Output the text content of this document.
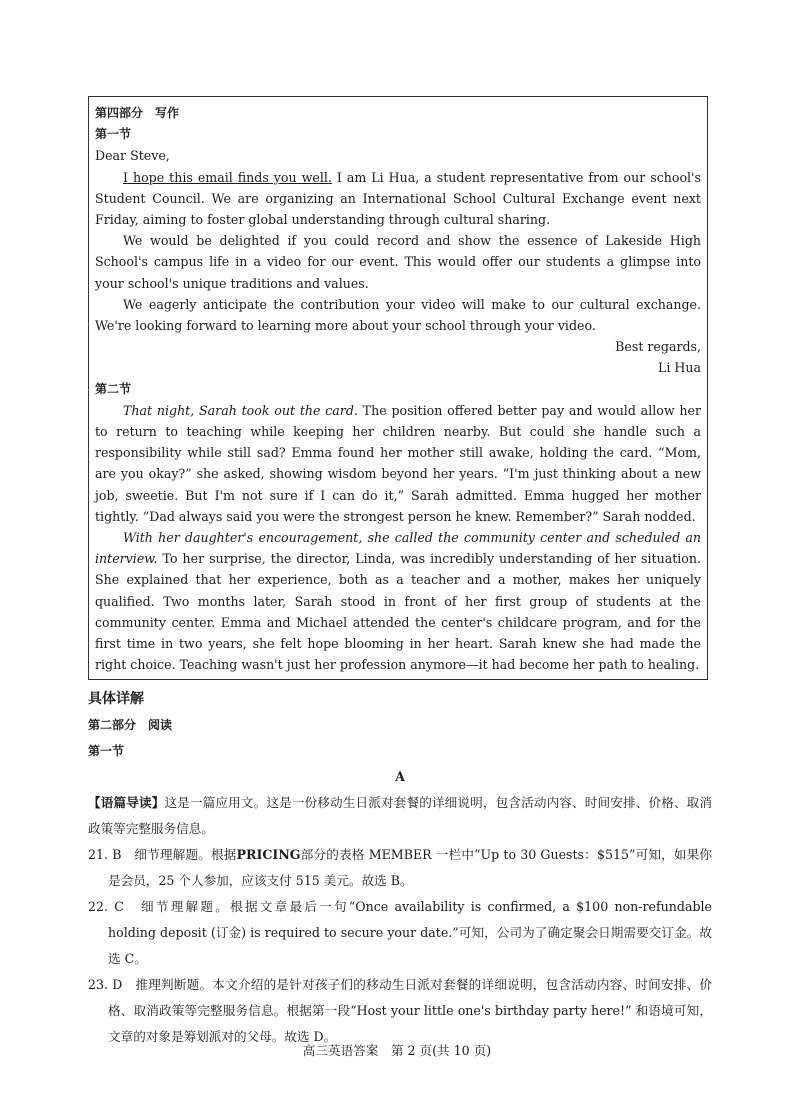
第四部分　写作
第一节

Dear Steve,

I hope this email finds you well. I am Li Hua, a student representative from our school's Student Council. We are organizing an International School Cultural Exchange event next Friday, aiming to foster global understanding through cultural sharing.

We would be delighted if you could record and show the essence of Lakeside High School's campus life in a video for our event. This would offer our students a glimpse into your school's unique traditions and values.

We eagerly anticipate the contribution your video will make to our cultural exchange. We're looking forward to learning more about your school through your video.

Best regards,

Li Hua

第二节

That night, Sarah took out the card. The position offered better pay and would allow her to return to teaching while keeping her children nearby. But could she handle such a responsibility while still sad? Emma found her mother still awake, holding the card. “Mom, are you okay?” she asked, showing wisdom beyond her years. “I'm just thinking about a new job, sweetie. But I'm not sure if I can do it,” Sarah admitted. Emma hugged her mother tightly. “Dad always said you were the strongest person he knew. Remember?” Sarah nodded.

With her daughter's encouragement, she called the community center and scheduled an interview. To her surprise, the director, Linda, was incredibly understanding of her situation. She explained that her experience, both as a teacher and a mother, makes her uniquely qualified. Two months later, Sarah stood in front of her first group of students at the community center. Emma and Michael attended the center's childcare program, and for the first time in two years, she felt hope blooming in her heart. Sarah knew she had made the right choice. Teaching wasn't just her profession anymore—it had become her path to healing.

具体详解
第二部分　阅读
第一节
A

【语篇导读】这是一篇应用文。这是一份移动生日派对套餐的详细说明，包含活动内容、时间安排、价格、取消政策等完整服务信息。

21. B　细节理解题。根据PRICING部分的表格 MEMBER 一栏中“Up to 30 Guests：$515”可知，如果你是会员，25 个人参加，应该支付 515 美元。故选 B。

22. C　细节理解题。根据文章最后一句“Once availability is confirmed, a $100 non-refundable holding deposit (订金) is required to secure your date.”可知，公司为了确定聚会日期需要交订金。故选 C。

23. D　推理判断题。本文介绍的是针对孩子们的移动生日派对套餐的详细说明，包含活动内容、时间安排、价格、取消政策等完整服务信息。根据第一段“Host your little one's birthday party here!” 和语境可知，文章的对象是筹划派对的父母。故选 D。

高三英语答案　第 2 页(共 10 页)
